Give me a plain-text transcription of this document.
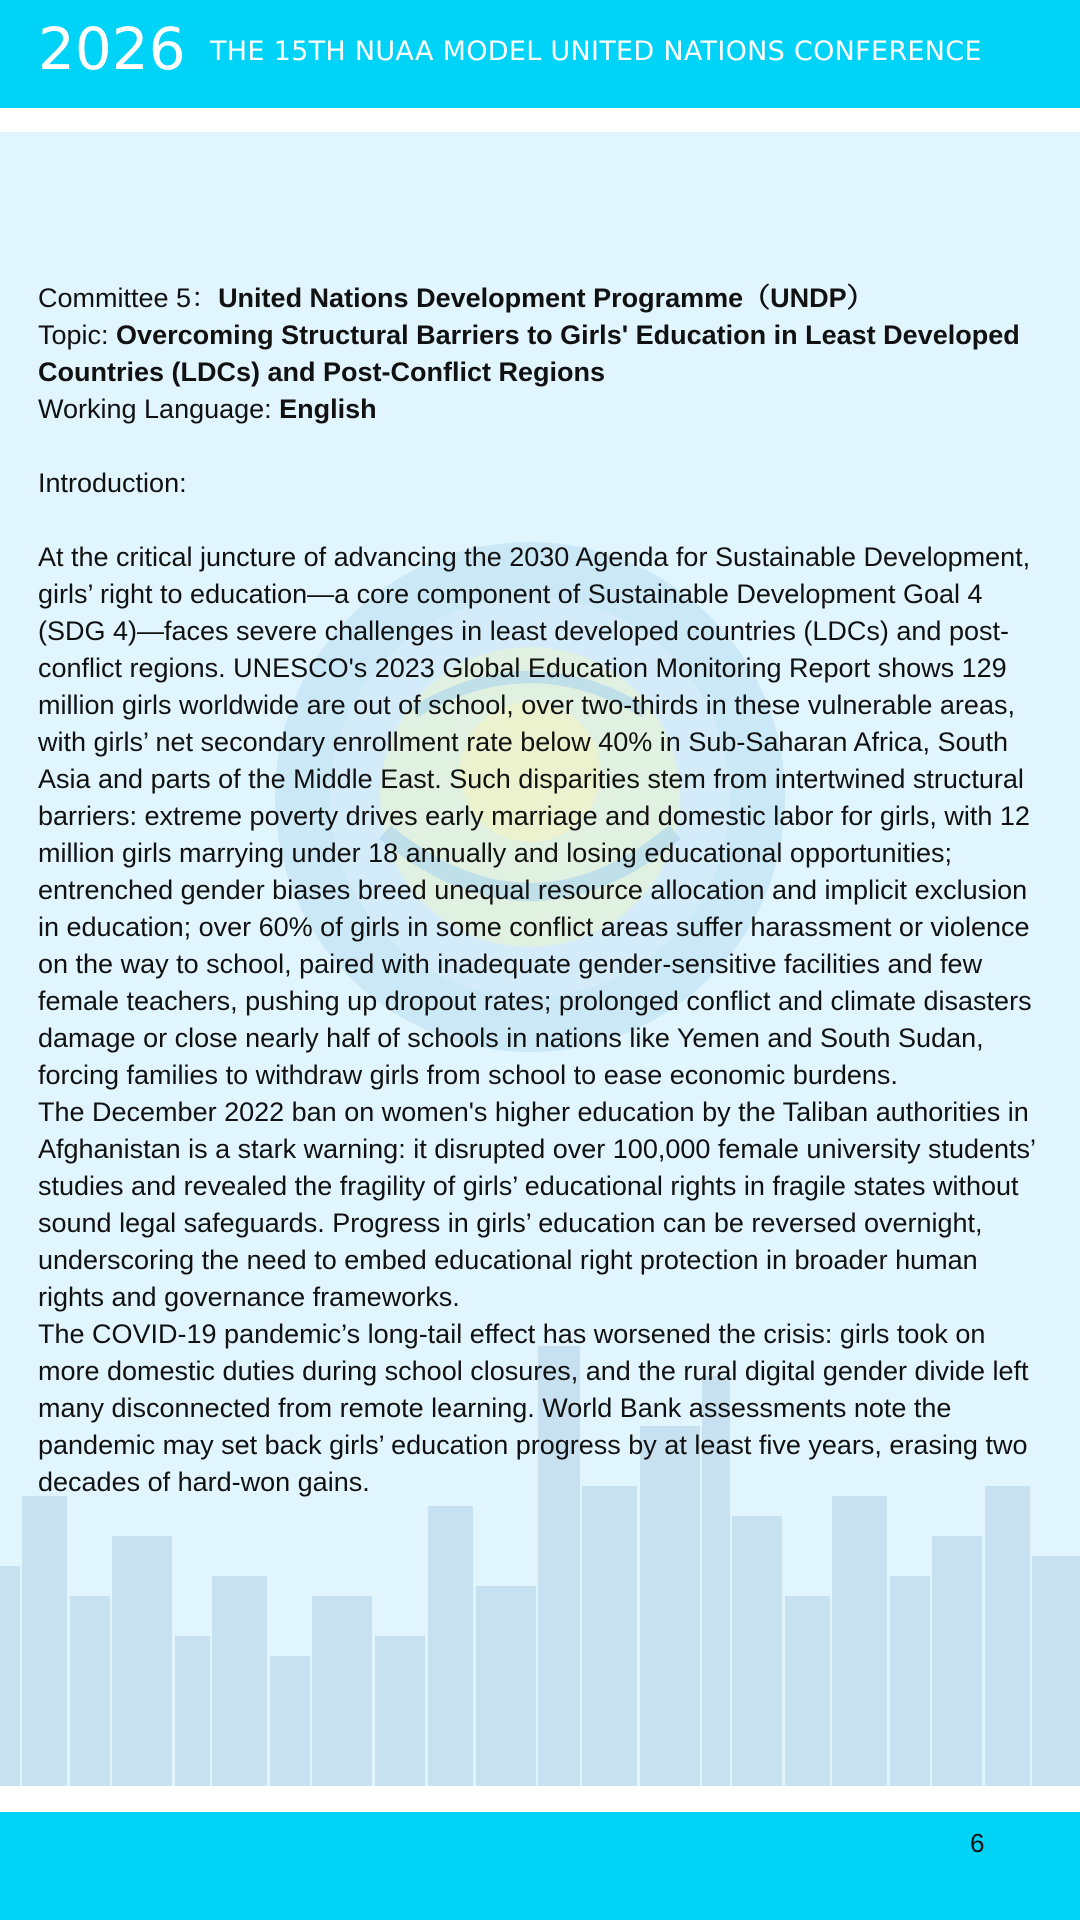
2026 THE 15TH NUAA MODEL UNITED NATIONS CONFERENCE

Committee 5：United Nations Development Programme（UNDP）

Topic: Overcoming Structural Barriers to Girls' Education in Least Developed Countries (LDCs) and Post-Conflict Regions

Working Language: English

Introduction:

At the critical juncture of advancing the 2030 Agenda for Sustainable Development, girls’ right to education—a core component of Sustainable Development Goal 4 (SDG 4)—faces severe challenges in least developed countries (LDCs) and post-conflict regions. UNESCO's 2023 Global Education Monitoring Report shows 129 million girls worldwide are out of school, over two-thirds in these vulnerable areas, with girls’ net secondary enrollment rate below 40% in Sub-Saharan Africa, South Asia and parts of the Middle East. Such disparities stem from intertwined structural barriers: extreme poverty drives early marriage and domestic labor for girls, with 12 million girls marrying under 18 annually and losing educational opportunities; entrenched gender biases breed unequal resource allocation and implicit exclusion in education; over 60% of girls in some conflict areas suffer harassment or violence on the way to school, paired with inadequate gender-sensitive facilities and few female teachers, pushing up dropout rates; prolonged conflict and climate disasters damage or close nearly half of schools in nations like Yemen and South Sudan, forcing families to withdraw girls from school to ease economic burdens.

The December 2022 ban on women's higher education by the Taliban authorities in Afghanistan is a stark warning: it disrupted over 100,000 female university students’ studies and revealed the fragility of girls’ educational rights in fragile states without sound legal safeguards. Progress in girls’ education can be reversed overnight, underscoring the need to embed educational right protection in broader human rights and governance frameworks.

The COVID-19 pandemic’s long-tail effect has worsened the crisis: girls took on more domestic duties during school closures, and the rural digital gender divide left many disconnected from remote learning. World Bank assessments note the pandemic may set back girls’ education progress by at least five years, erasing two decades of hard-won gains.

6
